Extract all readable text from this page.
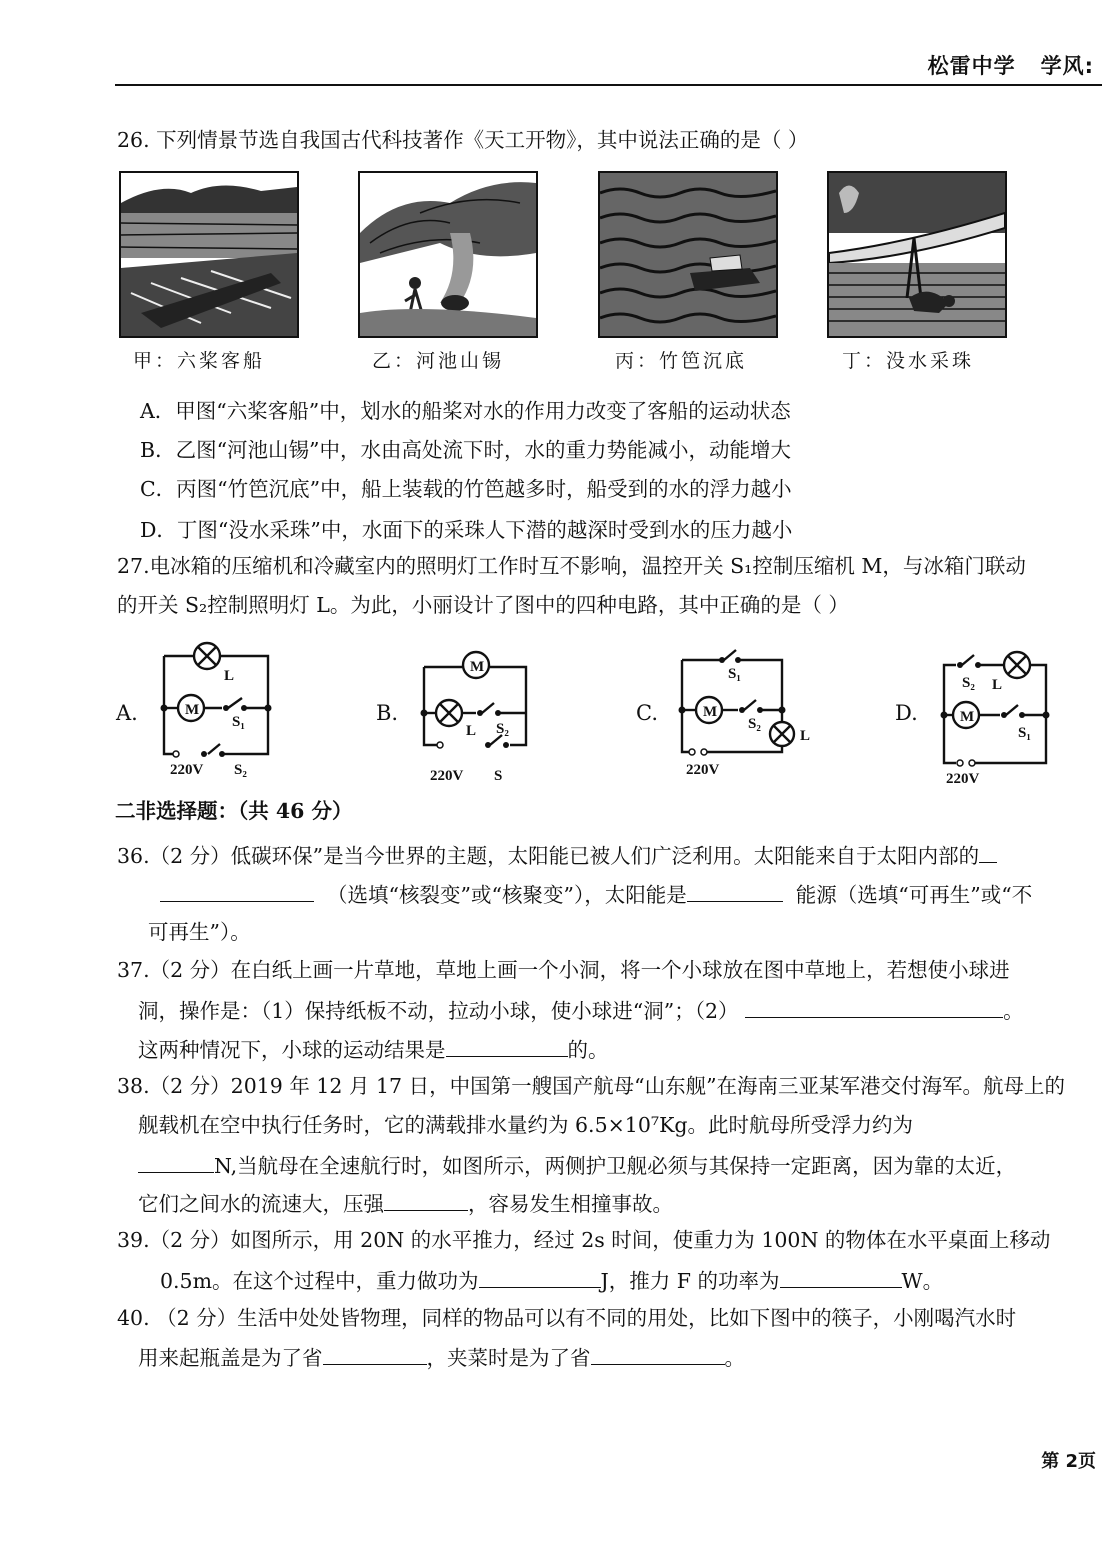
松雷中学 学风:
26. 下列情景节选自我国古代科技著作《天工开物》，其中说法正确的是（ ）
甲：六桨客船	乙：河池山锡	丙：竹笆沉底	丁：没水采珠
A．甲图“六桨客船”中，划水的船桨对水的作用力改变了客船的运动状态
B．乙图“河池山锡”中，水由高处流下时，水的重力势能减小，动能增大
C．丙图“竹笆沉底”中，船上装载的竹笆越多时，船受到的水的浮力越小
D．丁图“没水采珠”中，水面下的采珠人下潜的越深时受到水的压力越小
27.电冰箱的压缩机和冷藏室内的照明灯工作时互不影响，温控开关 S₁控制压缩机 M，与冰箱门联动
的开关 S₂控制照明灯 L。为此，小丽设计了图中的四种电路，其中正确的是（ ）
A.	B.	C.	D.
M
L
S₁
220V S₂
M
L S₂
220V S
M
S₁
S₂
L
220V
M
S₂ L
S₁
220V
二非选择题：（共 46 分）
36.（2 分）低碳环保”是当今世界的主题，太阳能已被人们广泛利用。太阳能来自于太阳内部的
（选填“核裂变”或“核聚变”），太阳能是	能源（选填“可再生”或“不
可再生”）。
37.（2 分）在白纸上画一片草地，草地上画一个小洞，将一个小球放在图中草地上，若想使小球进
洞，操作是：（1）保持纸板不动，拉动小球，使小球进“洞”；（2）	。
这两种情况下，小球的运动结果是	的。
38.（2 分）2019 年 12 月 17 日，中国第一艘国产航母“山东舰”在海南三亚某军港交付海军。航母上的
舰载机在空中执行任务时，它的满载排水量约为 6.5×10⁷Kg。此时航母所受浮力约为
N,当航母在全速航行时，如图所示，两侧护卫舰必须与其保持一定距离，因为靠的太近，
它们之间水的流速大，压强	，容易发生相撞事故。
39.（2 分）如图所示，用 20N 的水平推力，经过 2s 时间，使重力为 100N 的物体在水平桌面上移动
0.5m。在这个过程中，重力做功为	J，推力 F 的功率为	W。
40. （2 分）生活中处处皆物理，同样的物品可以有不同的用处，比如下图中的筷子，小刚喝汽水时
用来起瓶盖是为了省	，夹菜时是为了省	。
第 2页
